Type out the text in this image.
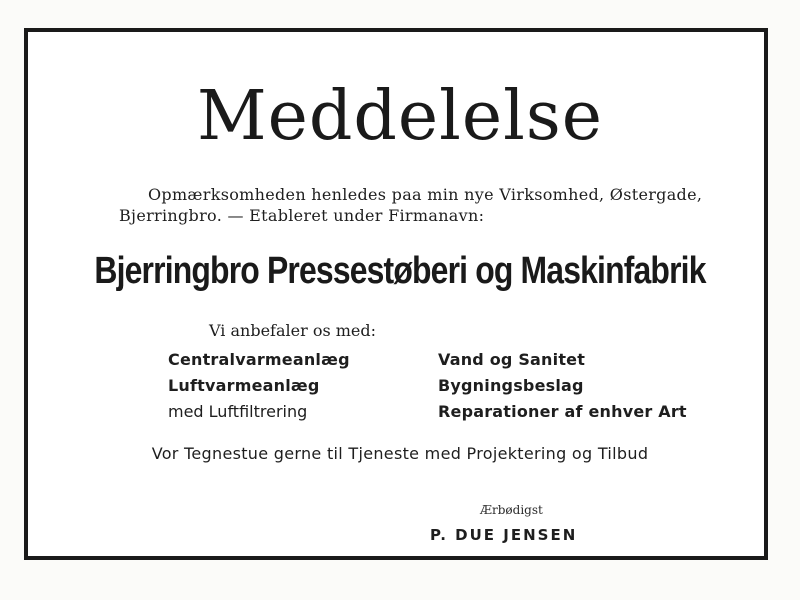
Meddelelse
Opmærksomheden henledes paa min nye Virksomhed, Østergade,
Bjerringbro. — Etableret under Firmanavn:
Bjerringbro Pressestøberi og Maskinfabrik
Vi anbefaler os med:
Centralvarmeanlæg
Luftvarmeanlæg
med Luftfiltrering
Vand og Sanitet
Bygningsbeslag
Reparationer af enhver Art
Vor Tegnestue gerne til Tjeneste med Projektering og Tilbud
Ærbødigst
P. DUE JENSEN
